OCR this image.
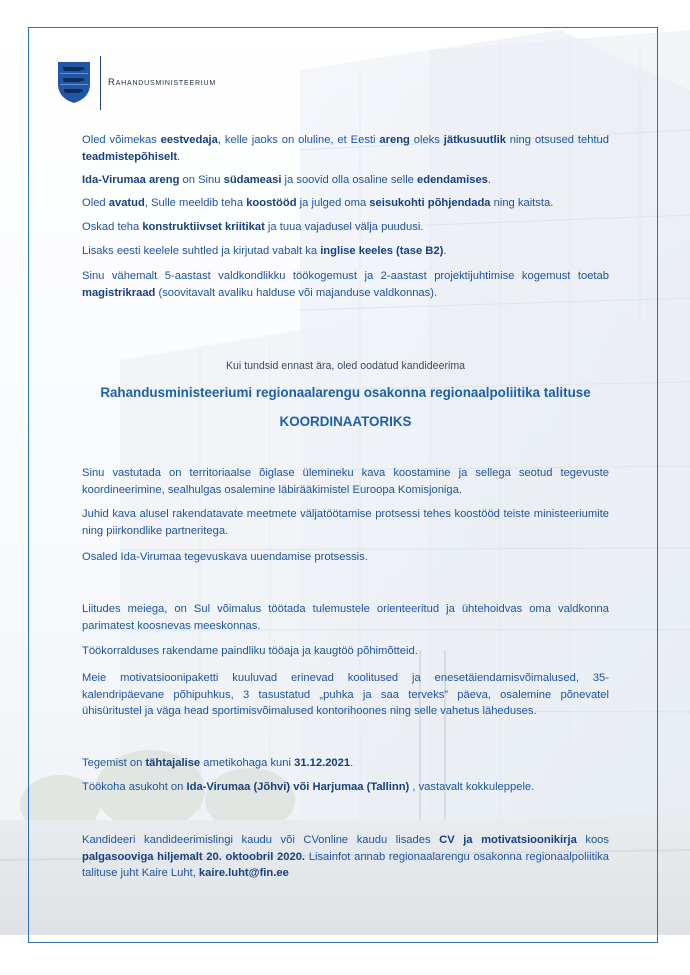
Rahandusministeerium
Oled võimekas eestvedaja, kelle jaoks on oluline, et Eesti areng oleks jätkusuutlik ning otsused tehtud teadmistepõhiselt.
Ida-Virumaa areng on Sinu südameasi ja soovid olla osaline selle edendamises.
Oled avatud, Sulle meeldib teha koostööd ja julged oma seisukohti põhjendada ning kaitsta.
Oskad teha konstruktiivset kriitikat ja tuua vajadusel välja puudusi.
Lisaks eesti keelele suhtled ja kirjutad vabalt ka inglise keeles (tase B2).
Sinu vähemalt 5-aastast valdkondlikku töökogemust ja 2-aastast projektijuhtimise kogemust toetab magistrikraad (soovitavalt avaliku halduse või majanduse valdkonnas).
Kui tundsid ennast ära, oled oodatud kandideerima
Rahandusministeeriumi regionaalarengu osakonna regionaalpoliitika talituse
KOORDINAATORIKS
Sinu vastutada on territoriaalse õiglase ülemineku kava koostamine ja sellega seotud tegevuste koordineerimine, sealhulgas osalemine läbirääkimistel Euroopa Komisjoniga.
Juhid kava alusel rakendatavate meetmete väljatöötamise protsessi tehes koostööd teiste ministeeriumite ning piirkondlike partneritega.
Osaled Ida-Virumaa tegevuskava uuendamise protsessis.
Liitudes meiega, on Sul võimalus töötada tulemustele orienteeritud ja ühtehoidvas oma valdkonna parimatest koosnevas meeskonnas.
Töökorralduses rakendame paindliku tööaja ja kaugtöö põhimõtteid.
Meie motivatsioonipaketti kuuluvad erinevad koolitused ja enesetäiendamisvõimalused, 35-kalendripäevane põhipuhkus, 3 tasustatud „puhka ja saa terveks” päeva, osalemine põnevatel ühisüritustel ja väga head sportimisvõimalused kontorihoones ning selle vahetus läheduses.
Tegemist on tähtajalise ametikohaga kuni 31.12.2021.
Töökoha asukoht on Ida-Virumaa (Jõhvi) või Harjumaa (Tallinn) , vastavalt kokkuleppele.
Kandideeri kandideerimislingi kaudu või CVonline kaudu lisades CV ja motivatsioonikirja koos palgasooviga hiljemalt 20. oktoobril 2020. Lisainfot annab regionaalarengu osakonna regionaalpoliitika talituse juht Kaire Luht, kaire.luht@fin.ee
